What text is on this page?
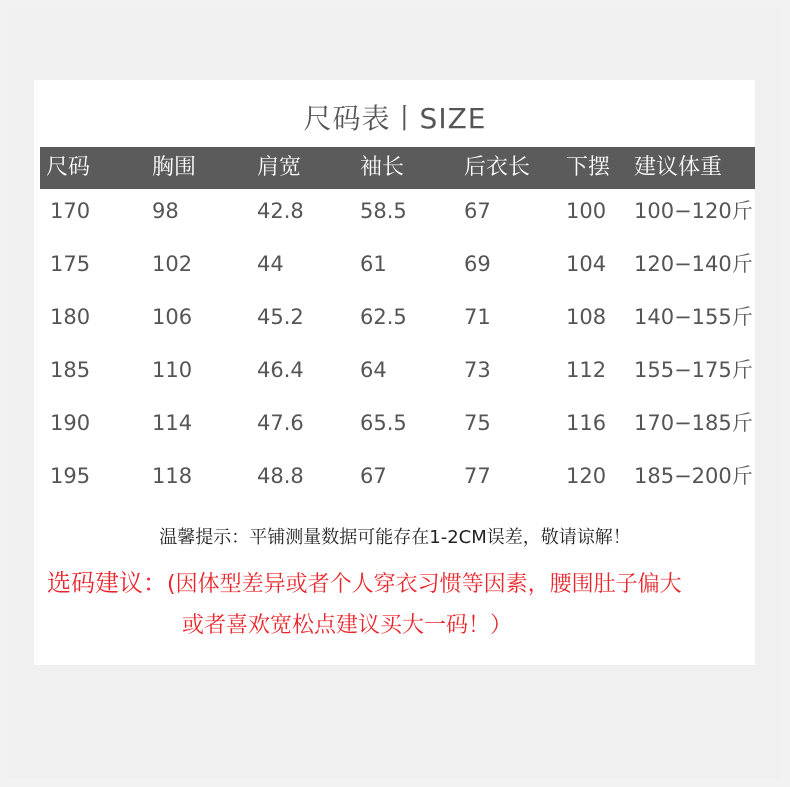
尺码表丨SIZE
尺码	胸围	肩宽	袖长	后衣长 下摆 建议体重
170	98	42.8	58.5	67	100 100−120斤
175	102	44	61	69	104 120−140斤
180	106	45.2	62.5	71	108 140−155斤
185	110	46.4	64	73	112 155−175斤
190	114	47.6	65.5	75	116 170−185斤
195	118	48.8	67	77	120 185−200斤
温馨提示：平铺测量数据可能存在1-2CM误差，敬请谅解！
选码建议：(因体型差异或者个人穿衣习惯等因素，腰围肚子偏大
或者喜欢宽松点建议买大一码！）
